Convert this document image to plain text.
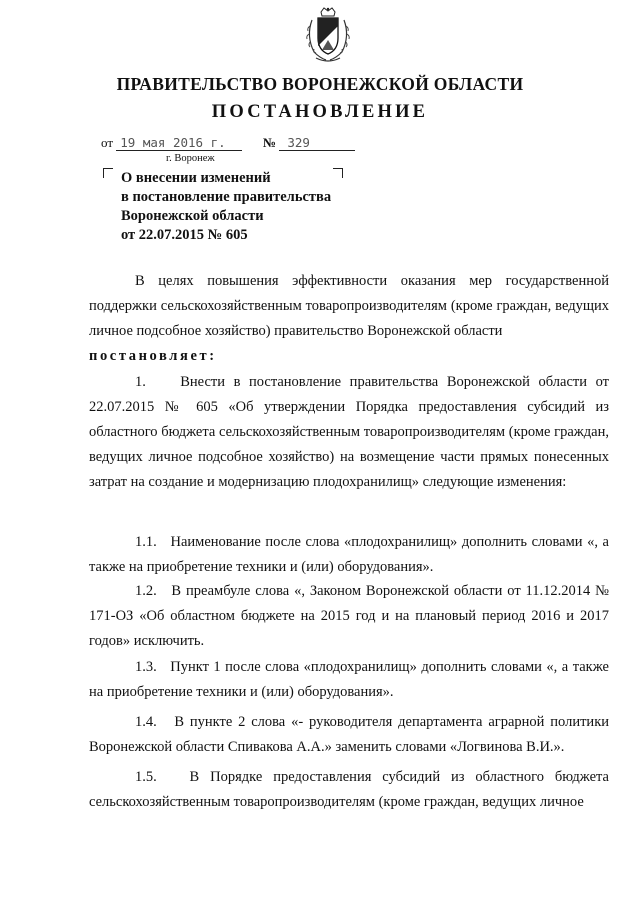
ПРАВИТЕЛЬСТВО ВОРОНЕЖСКОЙ ОБЛАСТИ
ПОСТАНОВЛЕНИЕ
от 19 мая 2016 г.	№ 329
г. Воронеж
О внесении изменений
в постановление правительства
Воронежской области
от 22.07.2015 № 605

В целях повышения эффективности оказания мер государственной поддержки сельскохозяйственным товаропроизводителям (кроме граждан, ведущих личное подсобное хозяйство) правительство Воронежской области

постановляет:

1.    Внести в постановление правительства Воронежской области от 22.07.2015 № 605 «Об утверждении Порядка предоставления субсидий из областного бюджета сельскохозяйственным товаропроизводителям (кроме граждан, ведущих личное подсобное хозяйство) на возмещение части прямых понесенных затрат на создание и модернизацию плодохранилищ» следующие изменения:

1.1.   Наименование после слова «плодохранилищ» дополнить словами «, а также на приобретение техники и (или) оборудования».

1.2.   В преамбуле слова «, Законом Воронежской области от 11.12.2014 № 171-ОЗ «Об областном бюджете на 2015 год и на плановый период 2016 и 2017 годов» исключить.

1.3.   Пункт 1 после слова «плодохранилищ» дополнить словами «, а также на приобретение техники и (или) оборудования».

1.4.   В пункте 2 слова «- руководителя департамента аграрной политики Воронежской области Спивакова А.А.» заменить словами «Логвинова В.И.».

1.5.   В Порядке предоставления субсидий из областного бюджета сельскохозяйственным товаропроизводителям (кроме граждан, ведущих личное
